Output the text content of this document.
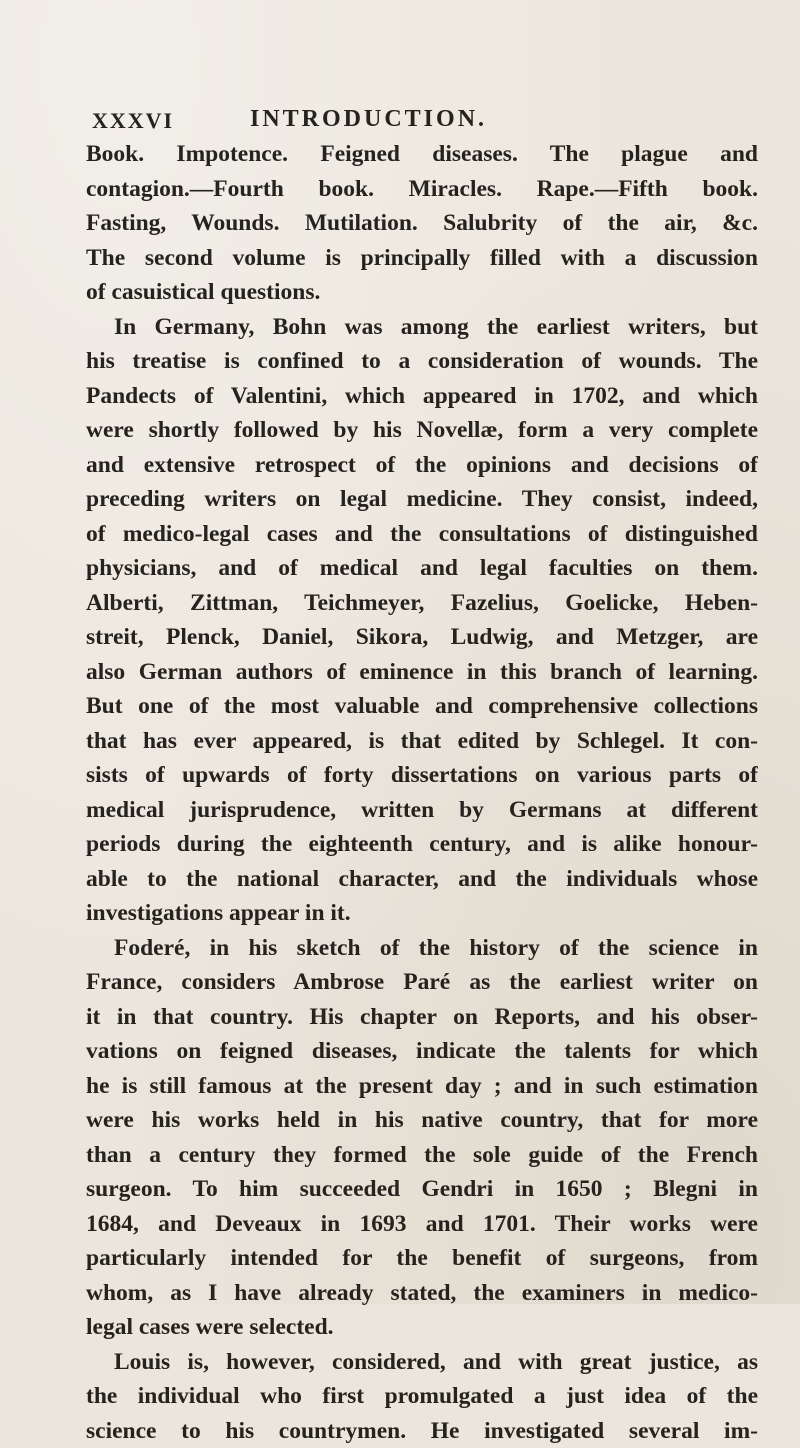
XXXVI	INTRODUCTION.
Book. Impotence. Feigned diseases. The plague and
contagion.—Fourth book. Miracles. Rape.—Fifth book.
Fasting, Wounds. Mutilation. Salubrity of the air, &c.
The second volume is principally filled with a discussion
of casuistical questions.
In Germany, Bohn was among the earliest writers, but
his treatise is confined to a consideration of wounds. The
Pandects of Valentini, which appeared in 1702, and which
were shortly followed by his Novellæ, form a very complete
and extensive retrospect of the opinions and decisions of
preceding writers on legal medicine. They consist, indeed,
of medico-legal cases and the consultations of distinguished
physicians, and of medical and legal faculties on them.
Alberti, Zittman, Teichmeyer, Fazelius, Goelicke, Heben-
streit, Plenck, Daniel, Sikora, Ludwig, and Metzger, are
also German authors of eminence in this branch of learning.
But one of the most valuable and comprehensive collections
that has ever appeared, is that edited by Schlegel. It con-
sists of upwards of forty dissertations on various parts of
medical jurisprudence, written by Germans at different
periods during the eighteenth century, and is alike honour-
able to the national character, and the individuals whose
investigations appear in it.
Foderé, in his sketch of the history of the science in
France, considers Ambrose Paré as the earliest writer on
it in that country. His chapter on Reports, and his obser-
vations on feigned diseases, indicate the talents for which
he is still famous at the present day ; and in such estimation
were his works held in his native country, that for more
than a century they formed the sole guide of the French
surgeon. To him succeeded Gendri in 1650 ; Blegni in
1684, and Deveaux in 1693 and 1701. Their works were
particularly intended for the benefit of surgeons, from
whom, as I have already stated, the examiners in medico-
legal cases were selected.
Louis is, however, considered, and with great justice, as
the individual who first promulgated a just idea of the
science to his countrymen. He investigated several im-
